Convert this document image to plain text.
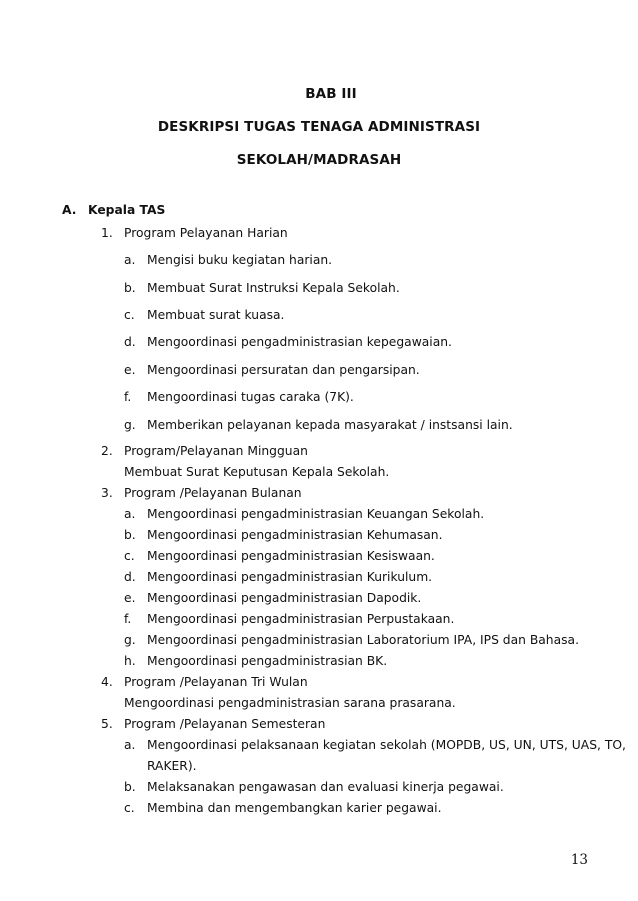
BAB III
DESKRIPSI TUGAS TENAGA ADMINISTRASI
SEKOLAH/MADRASAH
A. Kepala TAS
1. Program Pelayanan Harian
a. Mengisi buku kegiatan harian.
b. Membuat Surat Instruksi Kepala Sekolah.
c. Membuat surat kuasa.
d. Mengoordinasi pengadministrasian kepegawaian.
e. Mengoordinasi persuratan dan pengarsipan.
f. Mengoordinasi tugas caraka (7K).
g. Memberikan pelayanan kepada masyarakat / instsansi lain.
2. Program/Pelayanan Mingguan
Membuat Surat Keputusan Kepala Sekolah.
3. Program /Pelayanan Bulanan
a. Mengoordinasi pengadministrasian Keuangan Sekolah.
b. Mengoordinasi pengadministrasian Kehumasan.
c. Mengoordinasi pengadministrasian Kesiswaan.
d. Mengoordinasi pengadministrasian Kurikulum.
e. Mengoordinasi pengadministrasian Dapodik.
f. Mengoordinasi pengadministrasian Perpustakaan.
g. Mengoordinasi pengadministrasian Laboratorium IPA, IPS dan Bahasa.
h. Mengoordinasi pengadministrasian BK.
4. Program /Pelayanan Tri Wulan
Mengoordinasi pengadministrasian sarana prasarana.
5. Program /Pelayanan Semesteran
a. Mengoordinasi pelaksanaan kegiatan sekolah (MOPDB, US, UN, UTS, UAS, TO,
RAKER).
b. Melaksanakan pengawasan dan evaluasi kinerja pegawai.
c. Membina dan mengembangkan karier pegawai.
13
